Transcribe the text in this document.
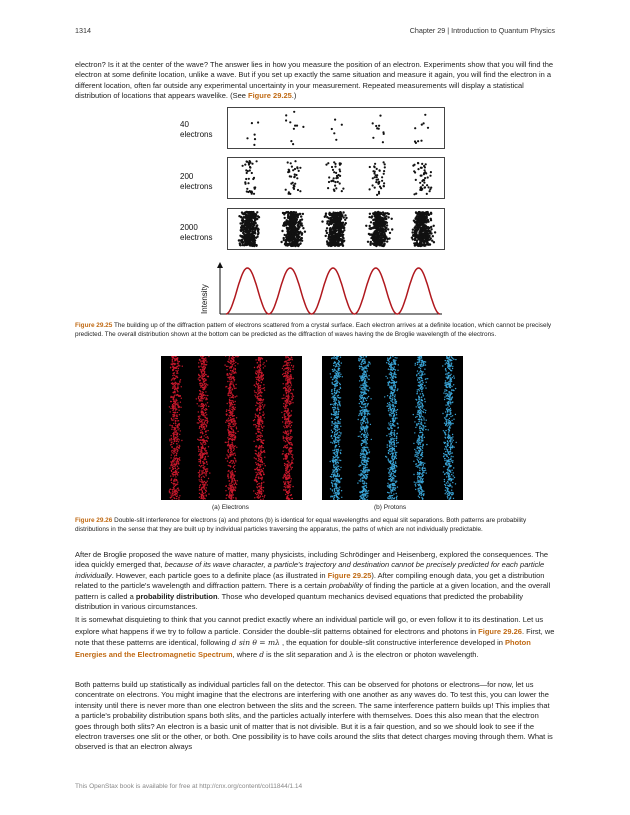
1314	Chapter 29 | Introduction to Quantum Physics

electron? Is it at the center of the wave? The answer lies in how you measure the position of an electron. Experiments show that you will find the electron at some definite location, unlike a wave. But if you set up exactly the same situation and measure it again, you will find the electron in a different location, often far outside any experimental uncertainty in your measurement. Repeated measurements will display a statistical distribution of locations that appears wavelike. (See Figure 29.25.)

40
electrons
200
electrons
2000
electrons
Intensity

Figure 29.25 The building up of the diffraction pattern of electrons scattered from a crystal surface. Each electron arrives at a definite location, which cannot be precisely predicted. The overall distribution shown at the bottom can be predicted as the diffraction of waves having the de Broglie wavelength of the electrons.

(a) Electrons	(b) Protons

Figure 29.26 Double-slit interference for electrons (a) and photons (b) is identical for equal wavelengths and equal slit separations. Both patterns are probability distributions in the sense that they are built up by individual particles traversing the apparatus, the paths of which are not individually predictable.

After de Broglie proposed the wave nature of matter, many physicists, including Schrödinger and Heisenberg, explored the consequences. The idea quickly emerged that, because of its wave character, a particle's trajectory and destination cannot be precisely predicted for each particle individually. However, each particle goes to a definite place (as illustrated in Figure 29.25). After compiling enough data, you get a distribution related to the particle's wavelength and diffraction pattern. There is a certain probability of finding the particle at a given location, and the overall pattern is called a probability distribution. Those who developed quantum mechanics devised equations that predicted the probability distribution in various circumstances.

It is somewhat disquieting to think that you cannot predict exactly where an individual particle will go, or even follow it to its destination. Let us explore what happens if we try to follow a particle. Consider the double-slit patterns obtained for electrons and photons in Figure 29.26. First, we note that these patterns are identical, following d sin θ = mλ , the equation for double-slit constructive interference developed in Photon Energies and the Electromagnetic Spectrum, where d is the slit separation and λ is the electron or photon wavelength.

Both patterns build up statistically as individual particles fall on the detector. This can be observed for photons or electrons—for now, let us concentrate on electrons. You might imagine that the electrons are interfering with one another as any waves do. To test this, you can lower the intensity until there is never more than one electron between the slits and the screen. The same interference pattern builds up! This implies that a particle's probability distribution spans both slits, and the particles actually interfere with themselves. Does this also mean that the electron goes through both slits? An electron is a basic unit of matter that is not divisible. But it is a fair question, and so we should look to see if the electron traverses one slit or the other, or both. One possibility is to have coils around the slits that detect charges moving through them. What is observed is that an electron always

This OpenStax book is available for free at http://cnx.org/content/col11844/1.14
